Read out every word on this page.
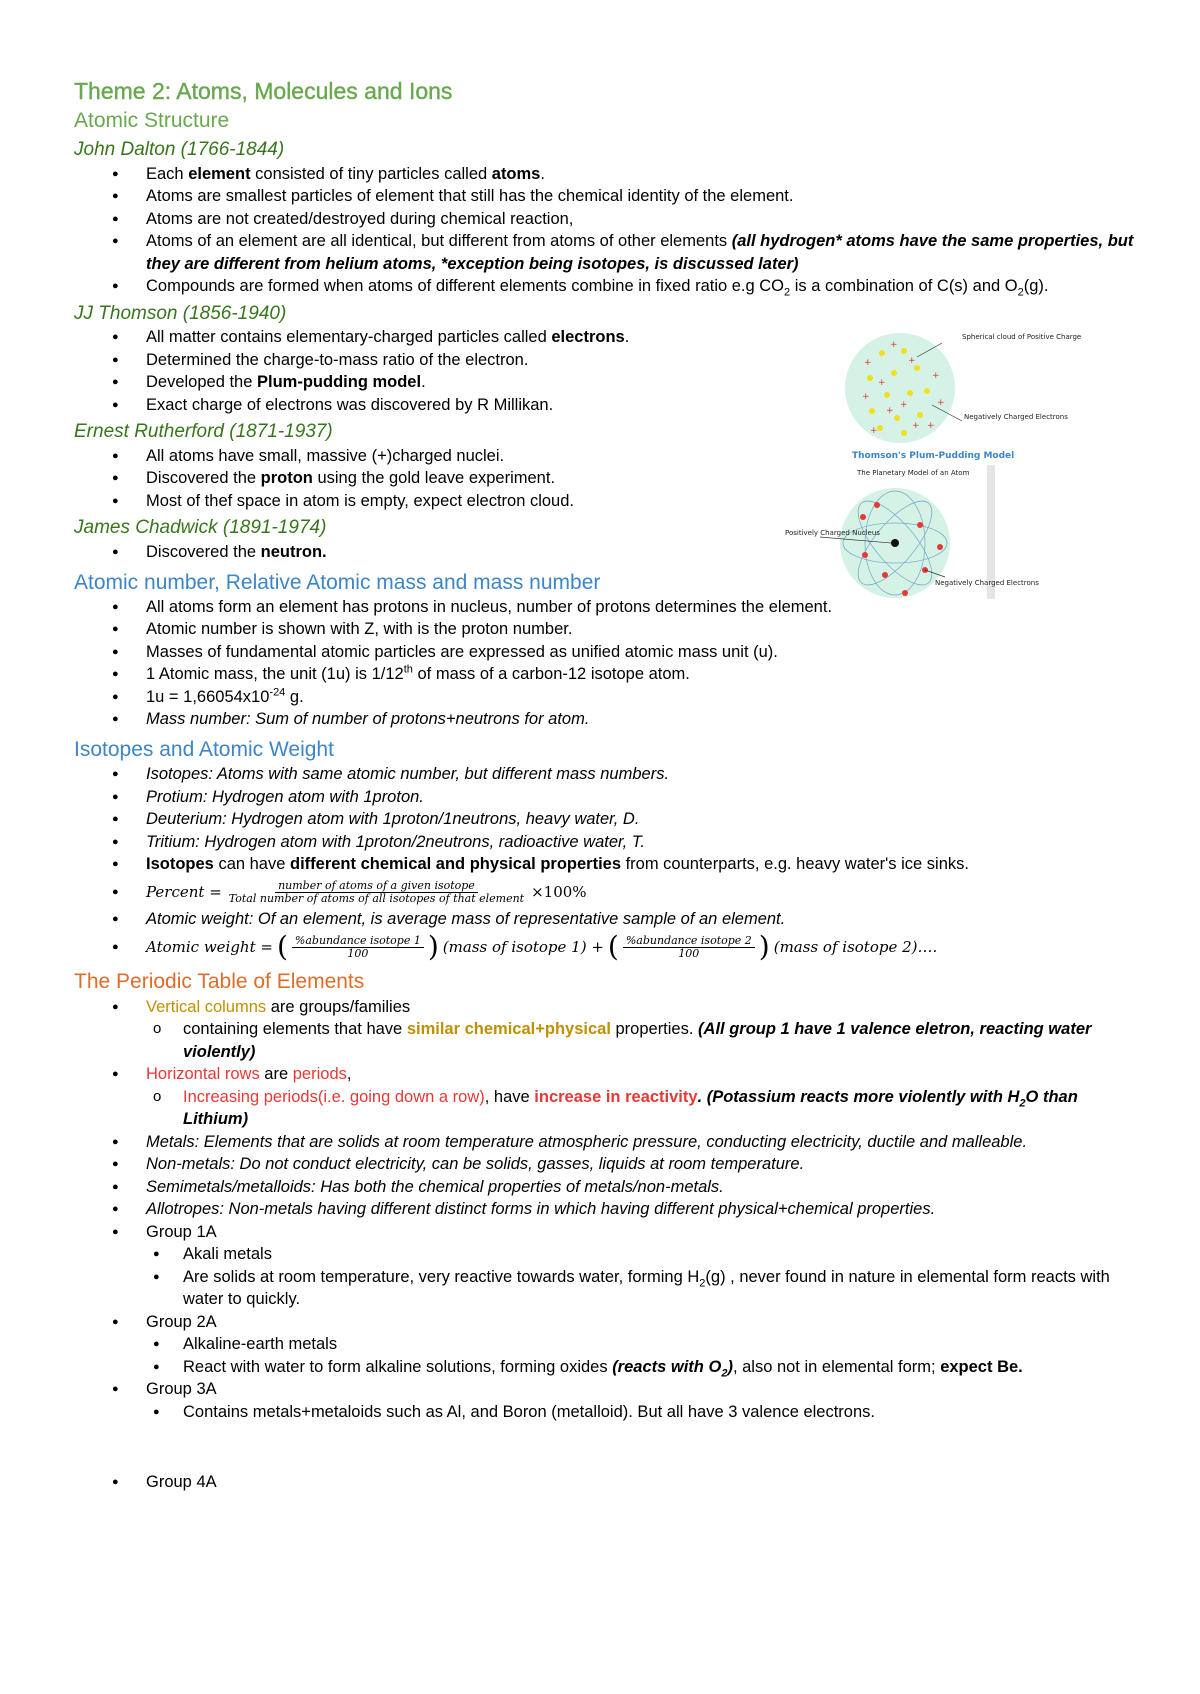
+
+	+
+
+
+
+	+
+
+
+	+
Spherical cloud of Positive Charge
Negatively Charged Electrons
Thomson's Plum-Pudding Model
The Planetary Model of an Atom
Positively Charged Nucleus
Negatively Charged Electrons
Theme 2: Atoms, Molecules and Ions
Atomic Structure
John Dalton (1766-1844)
● Each element consisted of tiny particles called atoms.
● Atoms are smallest particles of element that still has the chemical identity of the element.
● Atoms are not created/destroyed during chemical reaction,
● Atoms of an element are all identical, but different from atoms of other elements (all hydrogen* atoms have the same properties, but they are different from helium atoms, *exception being isotopes, is discussed later)
● Compounds are formed when atoms of different elements combine in fixed ratio e.g $CO_2$ is a combination of C(s) and $O_2(g)$.
JJ Thomson (1856-1940)
● All matter contains elementary-charged particles called electrons.
● Determined the charge-to-mass ratio of the electron.
● Developed the Plum-pudding model.
● Exact charge of electrons was discovered by R Millikan.
Ernest Rutherford (1871-1937)
● All atoms have small, massive (+)charged nuclei.
● Discovered the proton using the gold leave experiment.
● Most of thef space in atom is empty, expect electron cloud.
James Chadwick (1891-1974)
● Discovered the neutron.
Atomic number, Relative Atomic mass and mass number
● All atoms form an element has protons in nucleus, number of protons determines the element.
● Atomic number is shown with Z, with is the proton number.
● Masses of fundamental atomic particles are expressed as unified atomic mass unit (u).
● 1 Atomic mass, the unit (1u) is 1/12th of mass of a carbon-12 isotope atom.
● $1u = 1,66054x10^{-24}$ g.
● Mass number: Sum of number of protons+neutrons for atom.
Isotopes and Atomic Weight
● Isotopes: Atoms with same atomic number, but different mass numbers.
● Protium: Hydrogen atom with 1proton.
● Deuterium: Hydrogen atom with 1proton/1neutrons, heavy water, D.
● Tritium: Hydrogen atom with 1proton/2neutrons, radioactive water, T.
● Isotopes can have different chemical and physical properties from counterparts, e.g. heavy water's ice sinks.
● Percent = $\frac{\text{number of atoms of a given isotope}}{\text{Total number of atoms of all isotopes of that element}} \times 100\%$
● Atomic weight: Of an element, is average mass of representative sample of an element.
● Atomic weight = ( $\frac{\text{\%abundance isotope 1}}{100}$ ) (mass of isotope 1) + ( $\frac{\text{\%abundance isotope 2}}{100}$ ) (mass of isotope 2)….
The Periodic Table of Elements
● Vertical columns are groups/families
o containing elements that have similar chemical+physical properties. (All group 1 have 1 valence eletron, reacting water violently)
● Horizontal rows are periods,
o Increasing periods(i.e. going down a row), have increase in reactivity. (Potassium reacts more violently with $H_2O$ than Lithium)
● Metals: Elements that are solids at room temperature atmospheric pressure, conducting electricity, ductile and malleable.
● Non-metals: Do not conduct electricity, can be solids, gasses, liquids at room temperature.
● Semimetals/metalloids: Has both the chemical properties of metals/non-metals.
● Allotropes: Non-metals having different distinct forms in which having different physical+chemical properties.
● Group 1A
● Akali metals
● Are solids at room temperature, very reactive towards water, forming $H_2(g)$ , never found in nature in elemental form reacts with water to quickly.
● Group 2A
● Alkaline-earth metals
● React with water to form alkaline solutions, forming oxides (reacts with $O_2$), also not in elemental form; expect Be.
● Group 3A
● Contains metals+metaloids such as Al, and Boron (metalloid). But all have 3 valence electrons.
● Group 4A
